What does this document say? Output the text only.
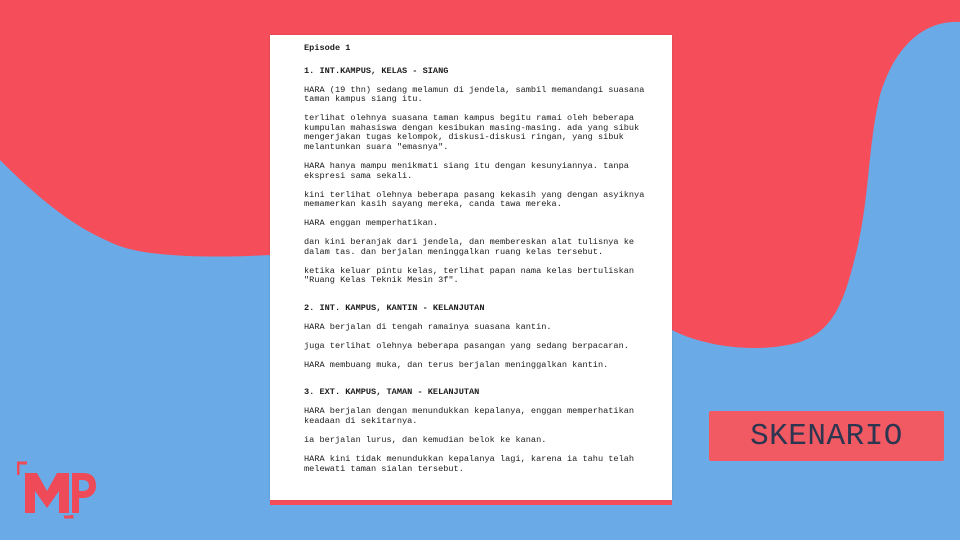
Episode 1

1. INT.KAMPUS, KELAS - SIANG

HARA (19 thn) sedang melamun di jendela, sambil memandangi suasana taman kampus siang itu.

terlihat olehnya suasana taman kampus begitu ramai oleh beberapa kumpulan mahasiswa dengan kesibukan masing-masing. ada yang sibuk mengerjakan tugas kelompok, diskusi-diskusi ringan, yang sibuk melantunkan suara "emasnya".

HARA hanya mampu menikmati siang itu dengan kesunyiannya. tanpa ekspresi sama sekali.

kini terlihat olehnya beberapa pasang kekasih yang dengan asyiknya memamerkan kasih sayang mereka, canda tawa mereka.

HARA enggan memperhatikan.

dan kini beranjak dari jendela, dan membereskan alat tulisnya ke dalam tas. dan berjalan meninggalkan ruang kelas tersebut.

ketika keluar pintu kelas, terlihat papan nama kelas bertuliskan "Ruang Kelas Teknik Mesin 3f".

2. INT. KAMPUS, KANTIN - KELANJUTAN

HARA berjalan di tengah ramainya suasana kantin.

juga terlihat olehnya beberapa pasangan yang sedang berpacaran.

HARA membuang muka, dan terus berjalan meninggalkan kantin.

3. EXT. KAMPUS, TAMAN - KELANJUTAN

HARA berjalan dengan menundukkan kepalanya, enggan memperhatikan keadaan di sekitarnya.

ia berjalan lurus, dan kemudian belok ke kanan.

HARA kini tidak menundukkan kepalanya lagi, karena ia tahu telah melewati taman sialan tersebut.

SKENARIO
